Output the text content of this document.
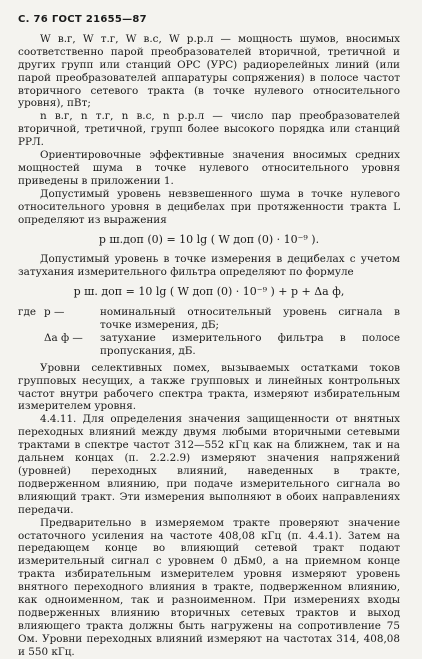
С. 76 ГОСТ 21655—87

W в.г, W т.г, W в.с, W р.р.л — мощность шумов, вносимых соответственно парой преобразователей вторичной, третичной и других групп или станций ОРС (УРС) радиорелейных линий (или парой преобразователей аппаратуры сопряжения) в полосе частот вторичного сетевого тракта (в точке нулевого относительного уровня), пВт;

n в.г, n т.г, n в.с, n р.р.л — число пар преобразователей вторичной, третичной, групп более высокого порядка или станций РРЛ.

Ориентировочные эффективные значения вносимых средних мощностей шума в точке нулевого относительного уровня приведены в приложении 1.

Допустимый уровень невзвешенного шума в точке нулевого относительного уровня в децибелах при протяженности тракта L определяют из выражения

p ш.доп (0) = 10 lg ( W доп (0) · 10⁻⁹ ).

Допустимый уровень в точке измерения в децибелах с учетом затухания измерительного фильтра определяют по формуле

p ш. доп = 10 lg ( W доп (0) · 10⁻⁹ ) + p + Δa ф,
где p —	номинальный относительный уровень сигнала в точке измерения, дБ;
Δa ф —	затухание измерительного фильтра в полосе пропускания, дБ.

Уровни селективных помех, вызываемых остатками токов групповых несущих, а также групповых и линейных контрольных частот внутри рабочего спектра тракта, измеряют избирательным измерителем уровня.

4.4.11. Для определения значения защищенности от внятных переходных влияний между двумя любыми вторичными сетевыми трактами в спектре частот 312—552 кГц как на ближнем, так и на дальнем концах (п. 2.2.2.9) измеряют значения напряжений (уровней) переходных влияний, наведенных в тракте, подверженном влиянию, при подаче измерительного сигнала во влияющий тракт. Эти измерения выполняют в обоих направлениях передачи.

Предварительно в измеряемом тракте проверяют значение остаточного усиления на частоте 408,08 кГц (п. 4.4.1). Затем на передающем конце во влияющий сетевой тракт подают измерительный сигнал с уровнем 0 дБм0, а на приемном конце тракта избирательным измерителем уровня измеряют уровень внятного переходного влияния в тракте, подверженном влиянию, как одноименном, так и разноименном. При измерениях входы подверженных влиянию вторичных сетевых трактов и выход влияющего тракта должны быть нагружены на сопротивление 75 Ом. Уровни переходных влияний измеряют на частотах 314, 408,08 и 550 кГц.
